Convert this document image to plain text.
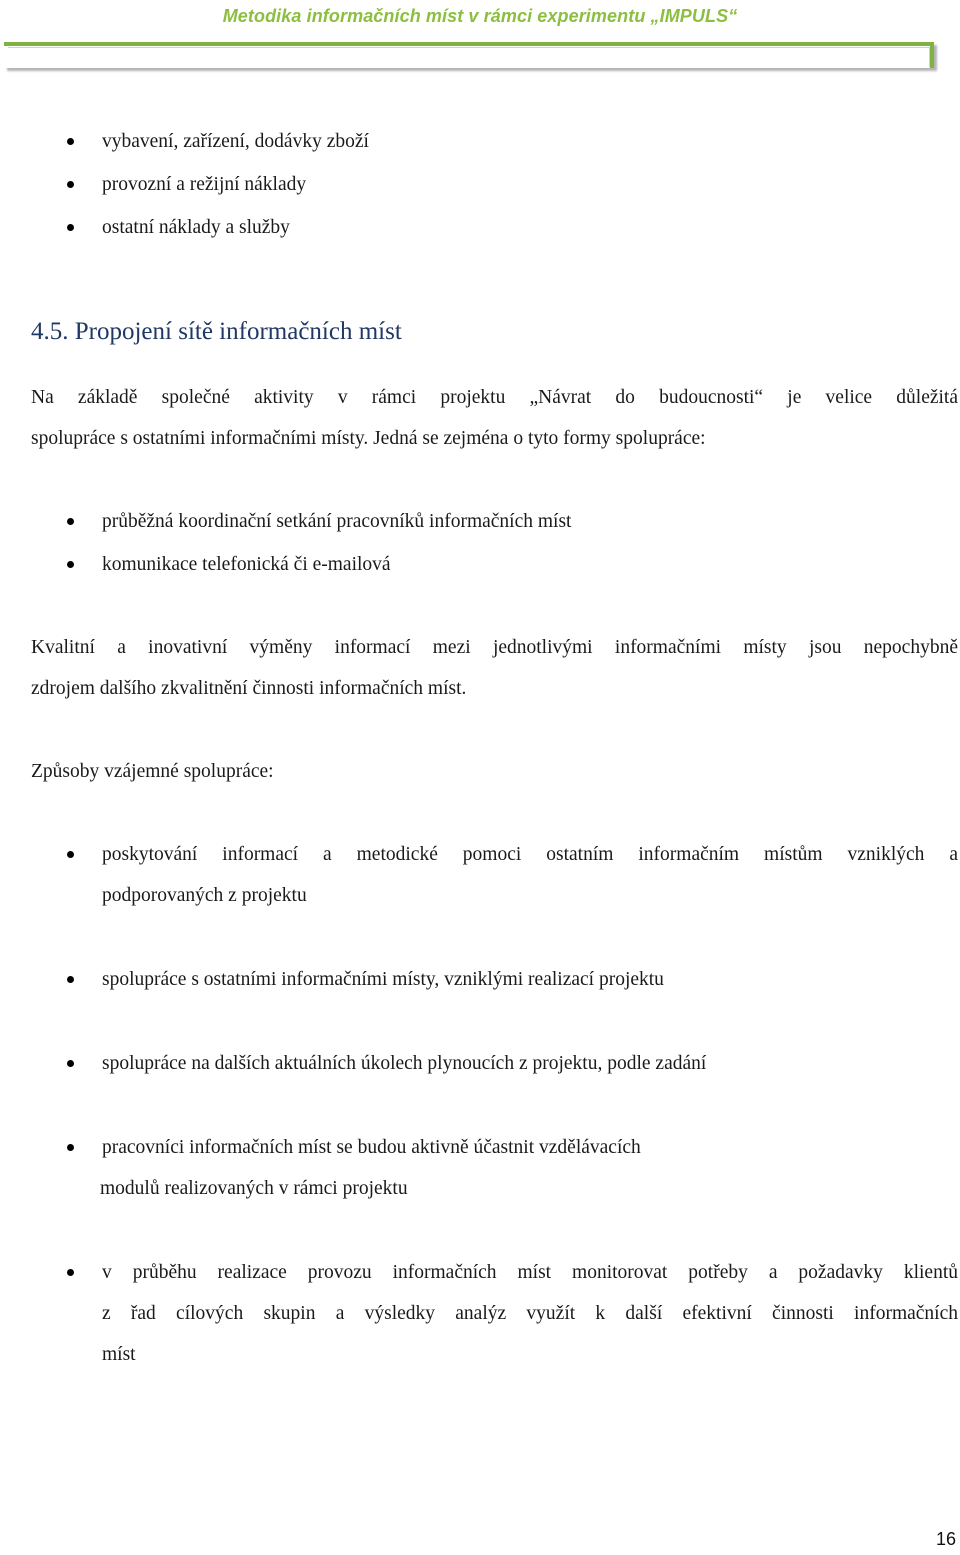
Metodika informačních míst v rámci experimentu „IMPULS“
vybavení, zařízení, dodávky zboží
provozní a režijní náklady
ostatní náklady a služby
4.5. Propojení sítě informačních míst
Na základě společné aktivity v rámci projektu „Návrat do budoucnosti“ je velice důležitá
spolupráce s ostatními informačními místy. Jedná se zejména o tyto formy spolupráce:
průběžná koordinační setkání pracovníků informačních míst
komunikace telefonická či e-mailová
Kvalitní a inovativní výměny informací mezi jednotlivými informačními místy jsou nepochybně
zdrojem dalšího zkvalitnění činnosti informačních míst.
Způsoby vzájemné spolupráce:
poskytování informací a metodické pomoci ostatním informačním místům vzniklých a
podporovaných z projektu
spolupráce s ostatními informačními místy, vzniklými realizací projektu
spolupráce na dalších aktuálních úkolech plynoucích z projektu, podle zadání
pracovníci informačních míst se budou aktivně účastnit vzdělávacích
modulů realizovaných v rámci projektu
v průběhu realizace provozu informačních míst monitorovat potřeby a požadavky klientů
z řad cílových skupin a výsledky analýz využít k další efektivní činnosti informačních
míst
16
